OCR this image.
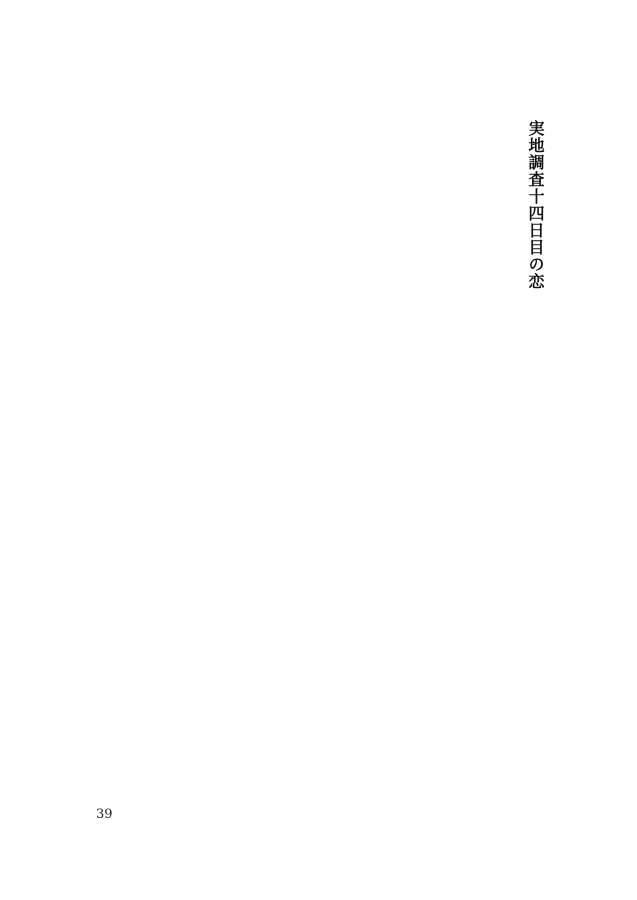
実地調査十四日目の恋

39
